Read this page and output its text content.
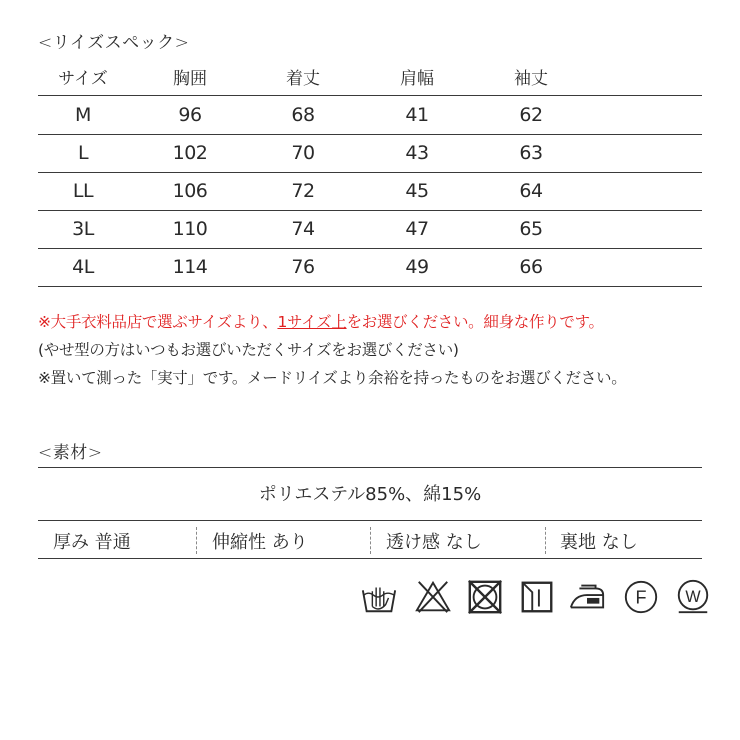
<リイズスペック>
サイズ	胸囲	着丈	肩幅	袖丈
M	96	68	41	62
L	102	70	43	63
LL	106	72	45	64
3L	110	74	47	65
4L	114	76	49	66
※大手衣料品店で選ぶサイズより、1サイズ上をお選びください。細身な作りです。
(やせ型の方はいつもお選びいただくサイズをお選びください)
※置いて測った「実寸」です。メードリイズより余裕を持ったものをお選びください。
<素材>
ポリエステル85%、綿15%
厚み 普通	伸縮性 あり	透け感 なし	裏地 なし
F W
